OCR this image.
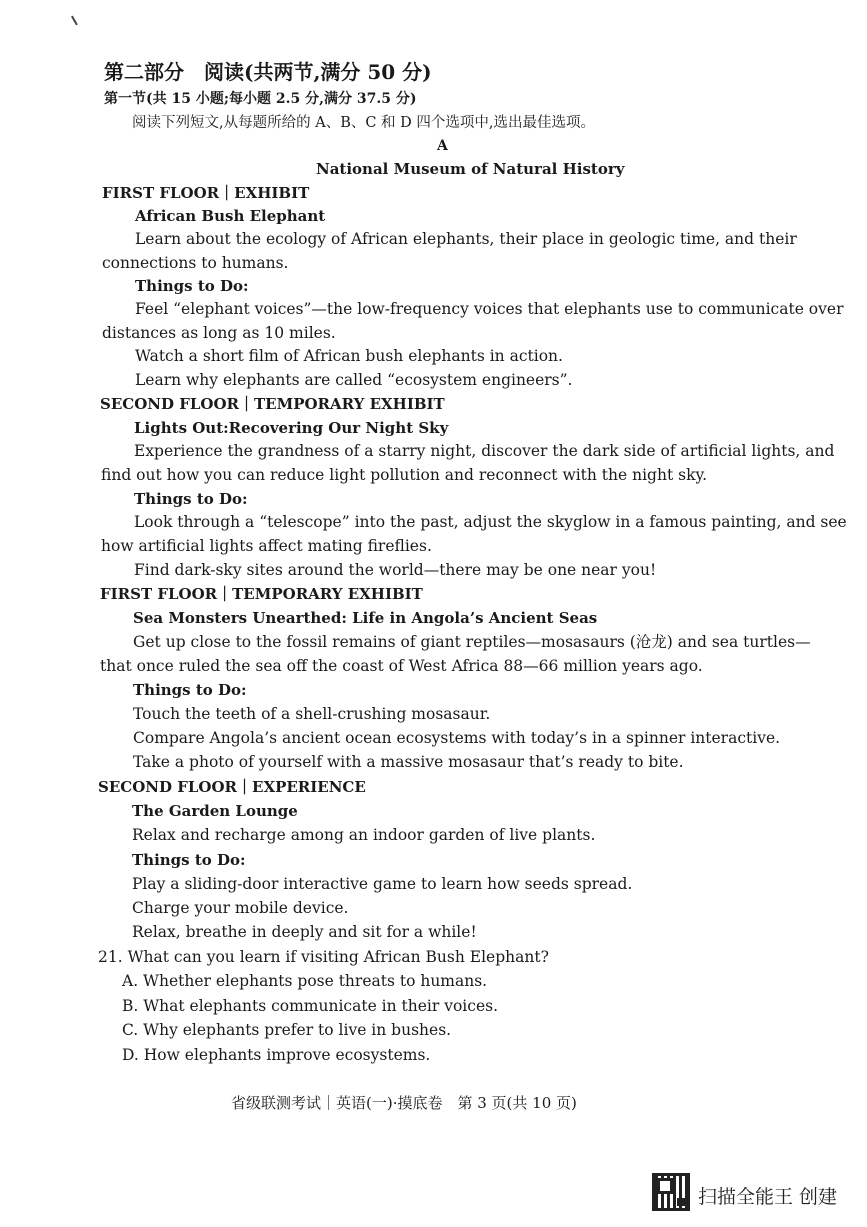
第二部分　阅读(共两节,满分 50 分)
第一节(共 15 小题;每小题 2.5 分,满分 37.5 分)
阅读下列短文,从每题所给的 A、B、C 和 D 四个选项中,选出最佳选项。
A
National Museum of Natural History
FIRST FLOOR｜EXHIBIT
African Bush Elephant
Learn about the ecology of African elephants, their place in geologic time, and their
connections to humans.
Things to Do:
Feel “elephant voices”—the low-frequency voices that elephants use to communicate over
distances as long as 10 miles.
Watch a short film of African bush elephants in action.
Learn why elephants are called “ecosystem engineers”.
SECOND FLOOR｜TEMPORARY EXHIBIT
Lights Out:Recovering Our Night Sky
Experience the grandness of a starry night, discover the dark side of artificial lights, and
find out how you can reduce light pollution and reconnect with the night sky.
Things to Do:
Look through a “telescope” into the past, adjust the skyglow in a famous painting, and see
how artificial lights affect mating fireflies.
Find dark-sky sites around the world—there may be one near you!
FIRST FLOOR｜TEMPORARY EXHIBIT
Sea Monsters Unearthed: Life in Angola’s Ancient Seas
Get up close to the fossil remains of giant reptiles—mosasaurs (沧龙) and sea turtles—
that once ruled the sea off the coast of West Africa 88—66 million years ago.
Things to Do:
Touch the teeth of a shell-crushing mosasaur.
Compare Angola’s ancient ocean ecosystems with today’s in a spinner interactive.
Take a photo of yourself with a massive mosasaur that’s ready to bite.
SECOND FLOOR｜EXPERIENCE
The Garden Lounge
Relax and recharge among an indoor garden of live plants.
Things to Do:
Play a sliding-door interactive game to learn how seeds spread.
Charge your mobile device.
Relax, breathe in deeply and sit for a while!
21. What can you learn if visiting African Bush Elephant?
A. Whether elephants pose threats to humans.
B. What elephants communicate in their voices.
C. Why elephants prefer to live in bushes.
D. How elephants improve ecosystems.
省级联测考试｜英语(一)·摸底卷　第 3 页(共 10 页)
扫描全能王 创建
